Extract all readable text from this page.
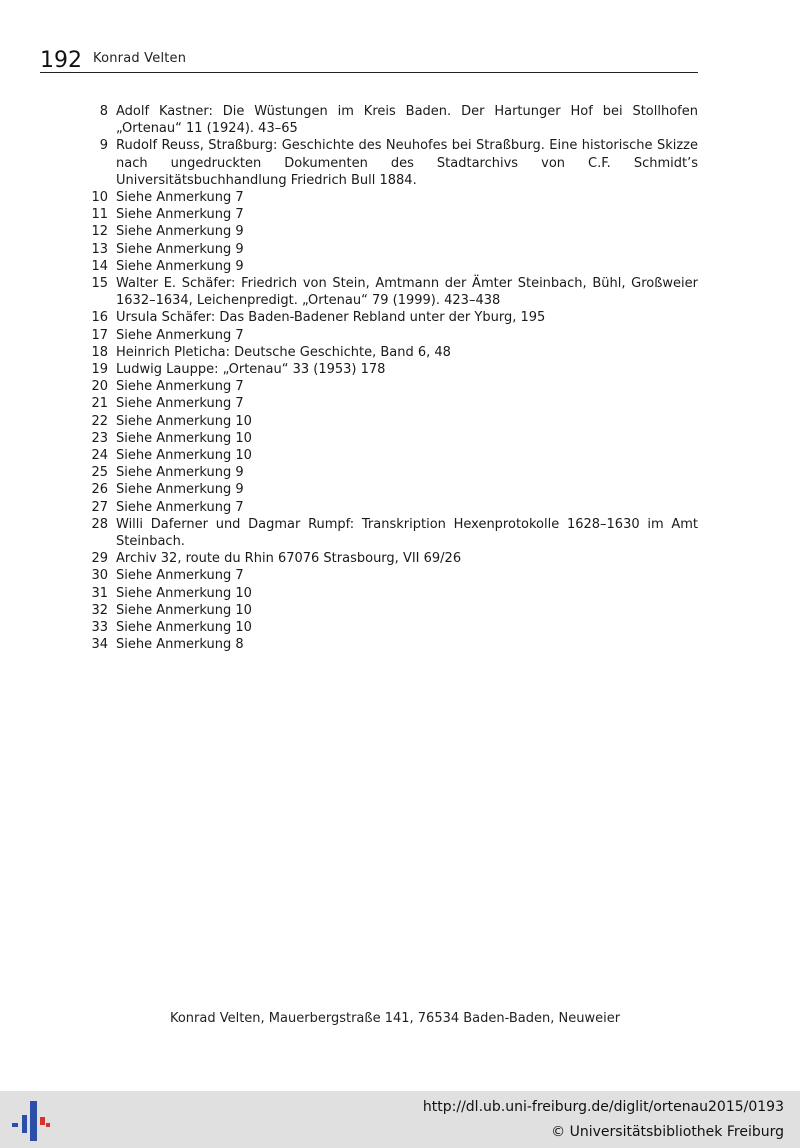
192 Konrad Velten
8 Adolf Kastner: Die Wüstungen im Kreis Baden. Der Hartunger Hof bei Stollhofen „Ortenau“ 11 (1924). 43–65
9 Rudolf Reuss, Straßburg: Geschichte des Neuhofes bei Straßburg. Eine historische Skizze nach ungedruckten Dokumenten des Stadtarchivs von C.F. Schmidt’s Universitätsbuchhandlung Friedrich Bull 1884.
10 Siehe Anmerkung 7
11 Siehe Anmerkung 7
12 Siehe Anmerkung 9
13 Siehe Anmerkung 9
14 Siehe Anmerkung 9
15 Walter E. Schäfer: Friedrich von Stein, Amtmann der Ämter Steinbach, Bühl, Großweier 1632–1634, Leichenpredigt. „Ortenau“ 79 (1999). 423–438
16 Ursula Schäfer: Das Baden-Badener Rebland unter der Yburg, 195
17 Siehe Anmerkung 7
18 Heinrich Pleticha: Deutsche Geschichte, Band 6, 48
19 Ludwig Lauppe: „Ortenau“ 33 (1953) 178
20 Siehe Anmerkung 7
21 Siehe Anmerkung 7
22 Siehe Anmerkung 10
23 Siehe Anmerkung 10
24 Siehe Anmerkung 10
25 Siehe Anmerkung 9
26 Siehe Anmerkung 9
27 Siehe Anmerkung 7
28 Willi Daferner und Dagmar Rumpf: Transkription Hexenprotokolle 1628–1630 im Amt Steinbach.
29 Archiv 32, route du Rhin 67076 Strasbourg, VII 69/26
30 Siehe Anmerkung 7
31 Siehe Anmerkung 10
32 Siehe Anmerkung 10
33 Siehe Anmerkung 10
34 Siehe Anmerkung 8
Konrad Velten, Mauerbergstraße 141, 76534 Baden-Baden, Neuweier
http://dl.ub.uni-freiburg.de/diglit/ortenau2015/0193
© Universitätsbibliothek Freiburg
